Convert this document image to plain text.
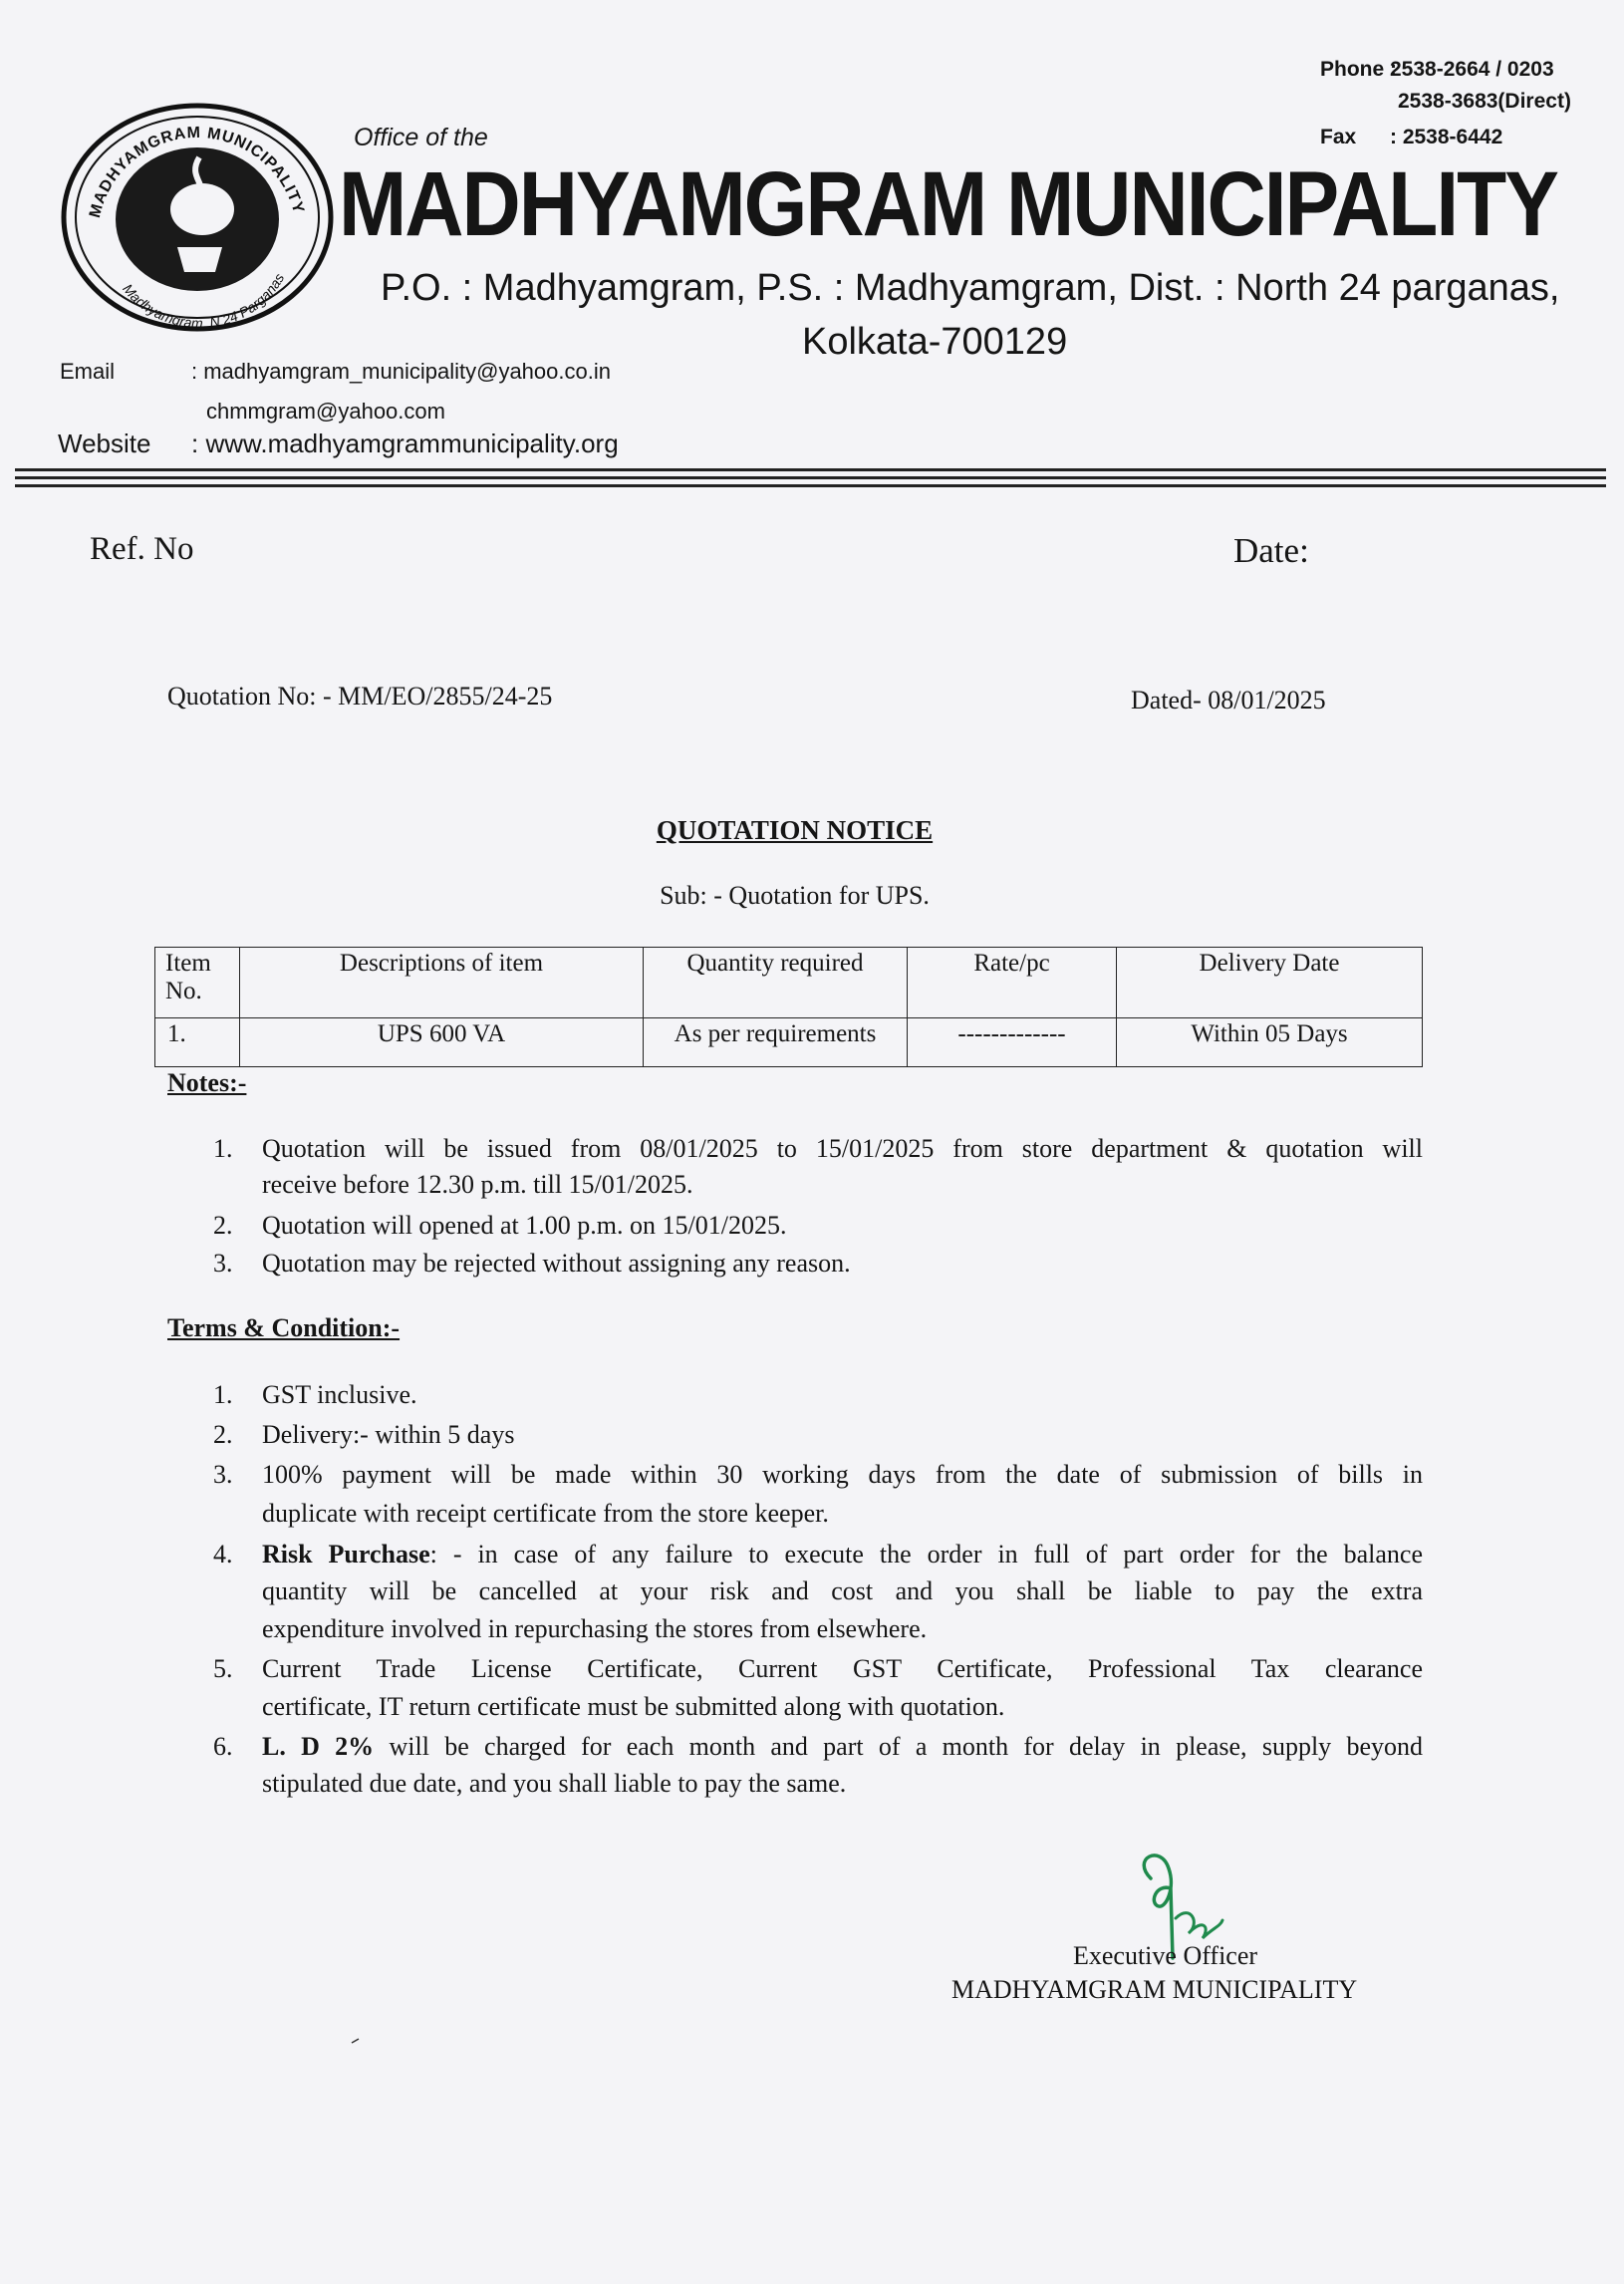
MADHYAMGRAM MUNICIPALITY
Madhyamgram, N 24 Parganas
Office of the
MADHYAMGRAM MUNICIPALITY
P.O. : Madhyamgram, P.S. : Madhyamgram, Dist. : North 24 parganas,
Kolkata-700129
Phone :
2538-2664 / 0203
2538-3683(Direct)
Fax : 2538-6442
Email	: madhyamgram_municipality@yahoo.co.in
chmmgram@yahoo.com
Website : www.madhyamgrammunicipality.org
Ref. No	Date:
Quotation No: - MM/EO/2855/24-25	Dated- 08/01/2025
QUOTATION NOTICE
Sub: - Quotation for UPS.
Item No.	Descriptions of item	Quantity required	Rate/pc	Delivery Date
1.	UPS 600 VA	As per requirements	-------------	Within 05 Days
Notes:-
1.	Quotation will be issued from 08/01/2025 to 15/01/2025 from store department & quotation will
receive before 12.30 p.m. till 15/01/2025.
2.	Quotation will opened at 1.00 p.m. on 15/01/2025.
3.	Quotation may be rejected without assigning any reason.
Terms & Condition:-
1.	GST inclusive.
2.	Delivery:- within 5 days
3.	100% payment will be made within 30 working days from the date of submission of bills in
duplicate with receipt certificate from the store keeper.
4.	Risk Purchase: - in case of any failure to execute the order in full of part order for the balance
quantity will be cancelled at your risk and cost and you shall be liable to pay the extra
expenditure involved in repurchasing the stores from elsewhere.
5.	Current Trade License Certificate, Current GST Certificate, Professional Tax clearance
certificate, IT return certificate must be submitted along with quotation.
6.	L. D 2% will be charged for each month and part of a month for delay in please, supply beyond
stipulated due date, and you shall liable to pay the same.
Executive Officer
MADHYAMGRAM MUNICIPALITY
